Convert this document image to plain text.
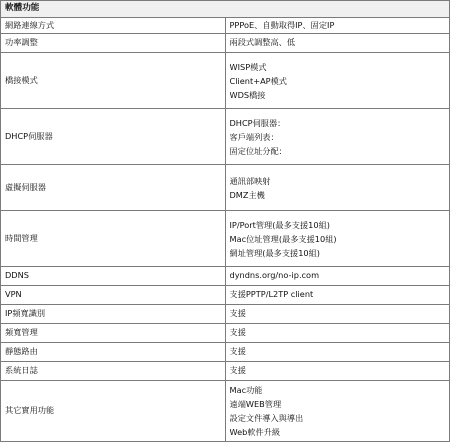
軟體功能	
網路連線方式	PPPoE、自動取得IP、固定IP
功率調整	兩段式調整高、低
橋接模式	WISP模式
Client+AP模式
WDS橋接

DHCP伺服器	DHCP伺服器：
客戶端列表：
固定位址分配：

虛擬伺服器	通訊部映射
DMZ主機

時間管理	IP/Port管理(最多支援10組)
Mac位址管理(最多支援10組)
網址管理(最多支援10組)

DDNS	dyndns.org/no-ip.com
VPN	支援PPTP/L2TP client
IP頻寬識別	支援
頻寬管理	支援
靜態路由	支援
系統日誌	支援
其它實用功能	Mac功能
遠端WEB管理
設定文件導入與導出
Web軟件升級
